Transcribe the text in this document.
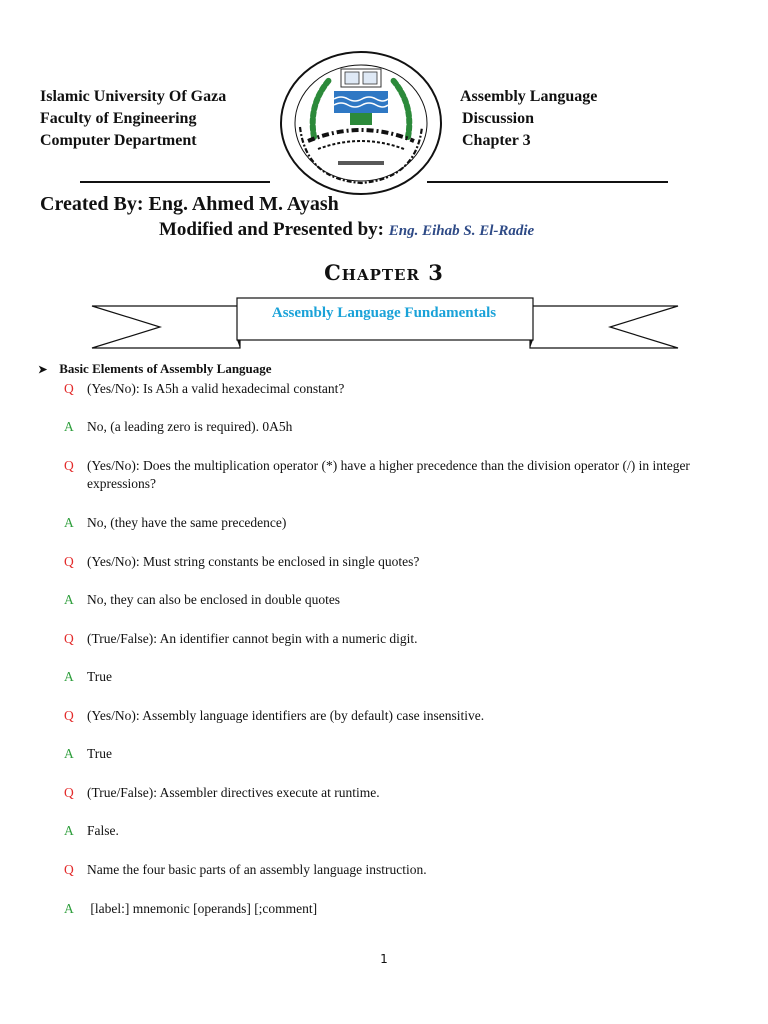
Islamic University Of Gaza
Faculty of Engineering
Computer Department
Assembly Language
Discussion
Chapter 3
Created By: Eng. Ahmed M. Ayash
Modified and Presented by: Eng. Eihab S. El-Radie
Chapter 3
Assembly Language Fundamentals
➤ Basic Elements of Assembly Language
Q (Yes/No): Is A5h a valid hexadecimal constant?
A No, (a leading zero is required). 0A5h
Q (Yes/No): Does the multiplication operator (*) have a higher precedence than the division operator (/) in integer expressions?
A No, (they have the same precedence)
Q (Yes/No): Must string constants be enclosed in single quotes?
A No, they can also be enclosed in double quotes
Q (True/False): An identifier cannot begin with a numeric digit.
A True
Q (Yes/No): Assembly language identifiers are (by default) case insensitive.
A True
Q (True/False): Assembler directives execute at runtime.
A False.
Q Name the four basic parts of an assembly language instruction.
A [label:] mnemonic [operands] [;comment]
1
